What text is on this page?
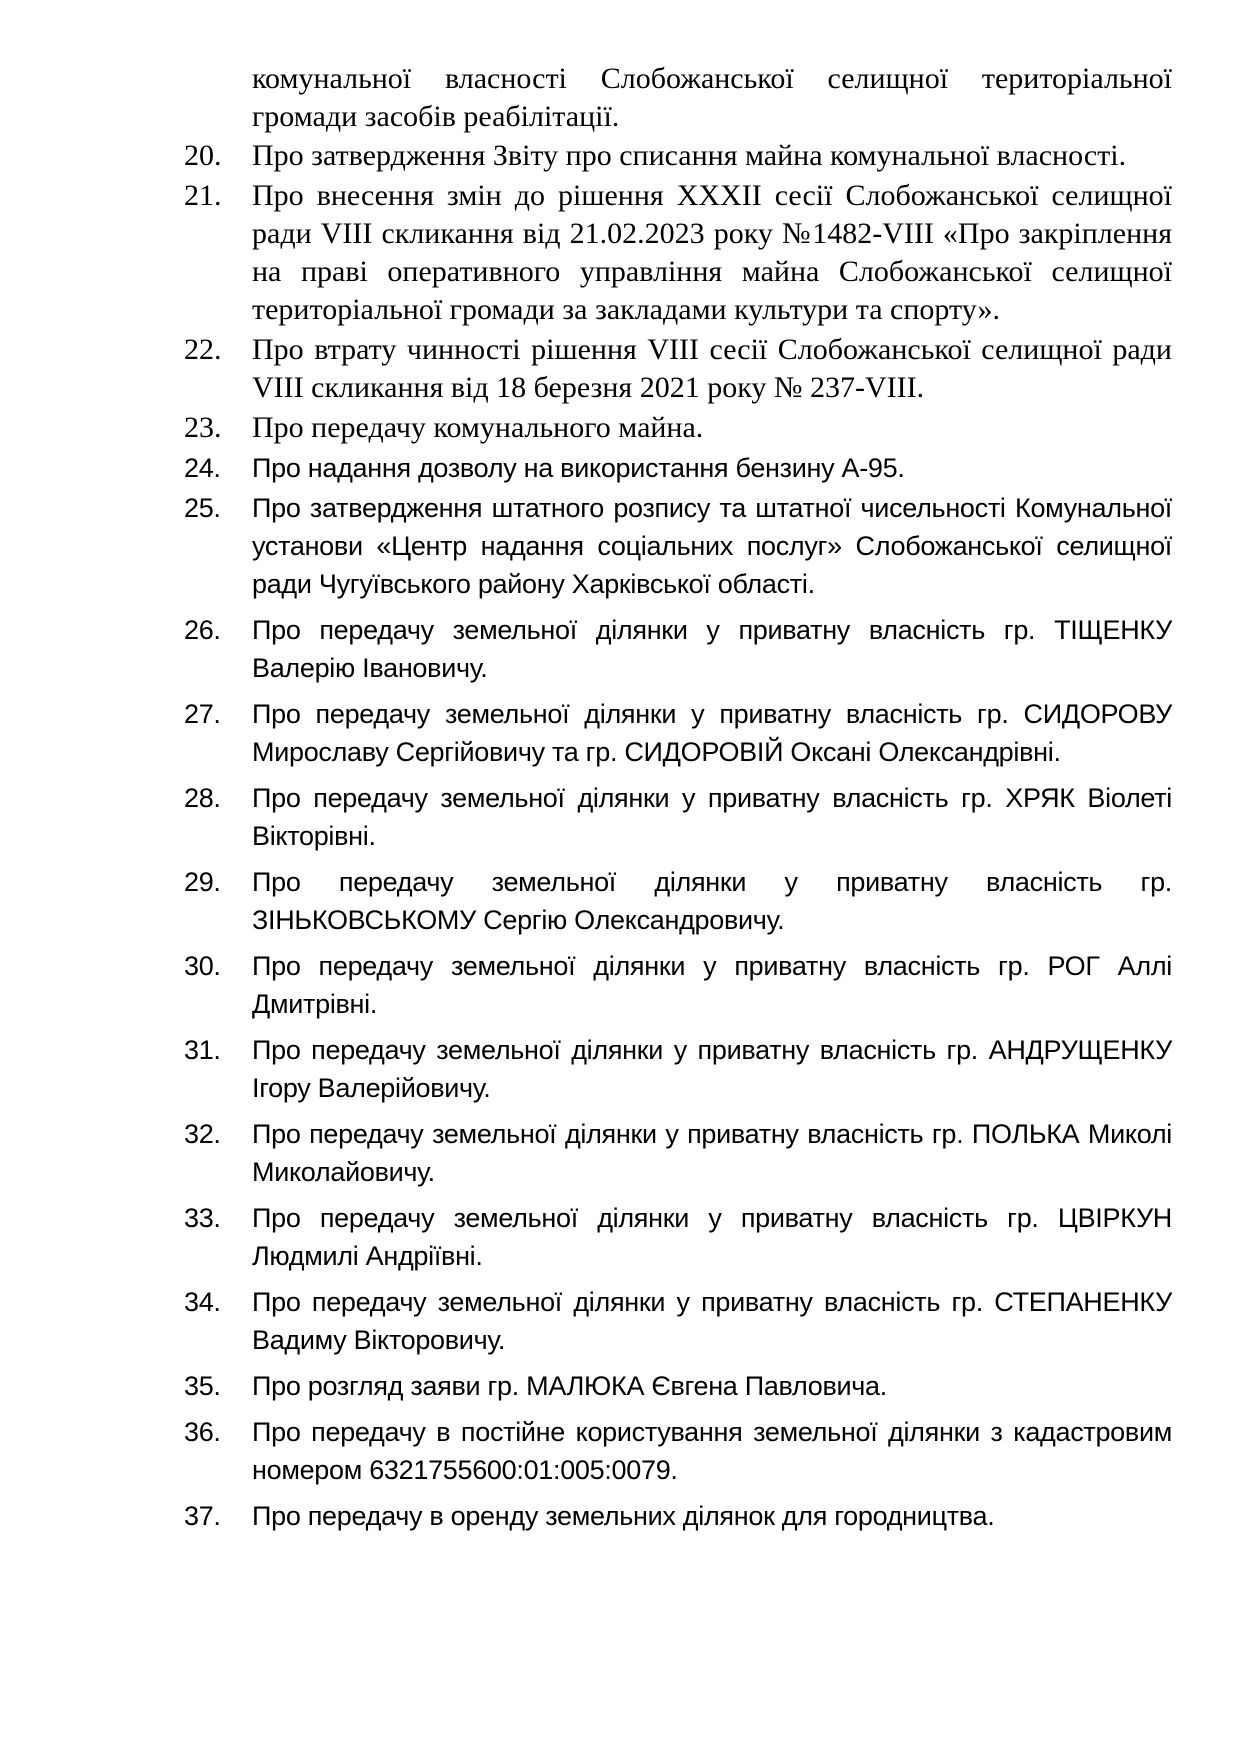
комунальної власності Слобожанської селищної територіальної громади засобів реабілітації.
20.	Про затвердження Звіту про списання майна комунальної власності.
21.	Про внесення змін до рішення XXXII сесії Слобожанської селищної ради VIII скликання від 21.02.2023 року №1482-VIII «Про закріплення на праві оперативного управління майна Слобожанської селищної територіальної громади за закладами культури та спорту».
22.	Про втрату чинності рішення VIII сесії Слобожанської селищної ради VIII скликання від 18 березня 2021 року № 237-VIII.
23.	Про передачу комунального майна.
24.	Про надання дозволу на використання бензину А-95.
25.	Про затвердження штатного розпису та штатної чисельності Комунальної установи «Центр надання соціальних послуг» Слобожанської селищної ради Чугуївського району Харківської області.
26.	Про передачу земельної ділянки у приватну власність гр. ТІЩЕНКУ Валерію Івановичу.
27.	Про передачу земельної ділянки у приватну власність гр. СИДОРОВУ Мирославу Сергійовичу та гр. СИДОРОВІЙ Оксані Олександрівні.
28.	Про передачу земельної ділянки у приватну власність гр. ХРЯК Віолеті Вікторівні.
29.	Про передачу земельної ділянки у приватну власність гр. ЗІНЬКОВСЬКОМУ Сергію Олександровичу.
30.	Про передачу земельної ділянки у приватну власність гр. РОГ Аллі Дмитрівні.
31.	Про передачу земельної ділянки у приватну власність гр. АНДРУЩЕНКУ Ігору Валерійовичу.
32.	Про передачу земельної ділянки у приватну власність гр. ПОЛЬКА Миколі Миколайовичу.
33.	Про передачу земельної ділянки у приватну власність гр. ЦВІРКУН Людмилі Андріївні.
34.	Про передачу земельної ділянки у приватну власність гр. СТЕПАНЕНКУ Вадиму Вікторовичу.
35.	Про розгляд заяви гр. МАЛЮКА Євгена Павловича.
36.	Про передачу в постійне користування земельної ділянки з кадастровим номером 6321755600:01:005:0079.
37.	Про передачу в оренду земельних ділянок для городництва.
